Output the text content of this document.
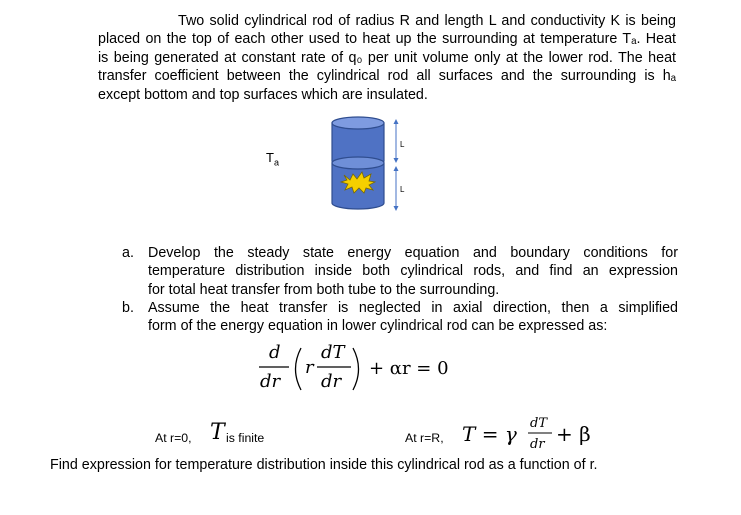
Two solid cylindrical rod of radius R and length L and conductivity K is being
placed on the top of each other used to heat up the surrounding at temperature Tₐ. Heat
is being generated at constant rate of q₀ per unit volume only at the lower rod. The heat
transfer coefficient between the cylindrical rod all surfaces and the surrounding is hₐ
except bottom and top surfaces which are insulated.
$T_a$
L
L
a. Develop the steady state energy equation and boundary conditions for
temperature distribution inside both cylindrical rods, and find an expression
for total heat transfer from both tube to the surrounding.
b. Assume the heat transfer is neglected in axial direction, then a simplified
form of the energy equation in lower cylindrical rod can be expressed as:
d
dr
r
dT
dr
+ αr = 0
At r=0, T is finite	At r=R, T = γ dT
dr + β
Find expression for temperature distribution inside this cylindrical rod as a function of r.
